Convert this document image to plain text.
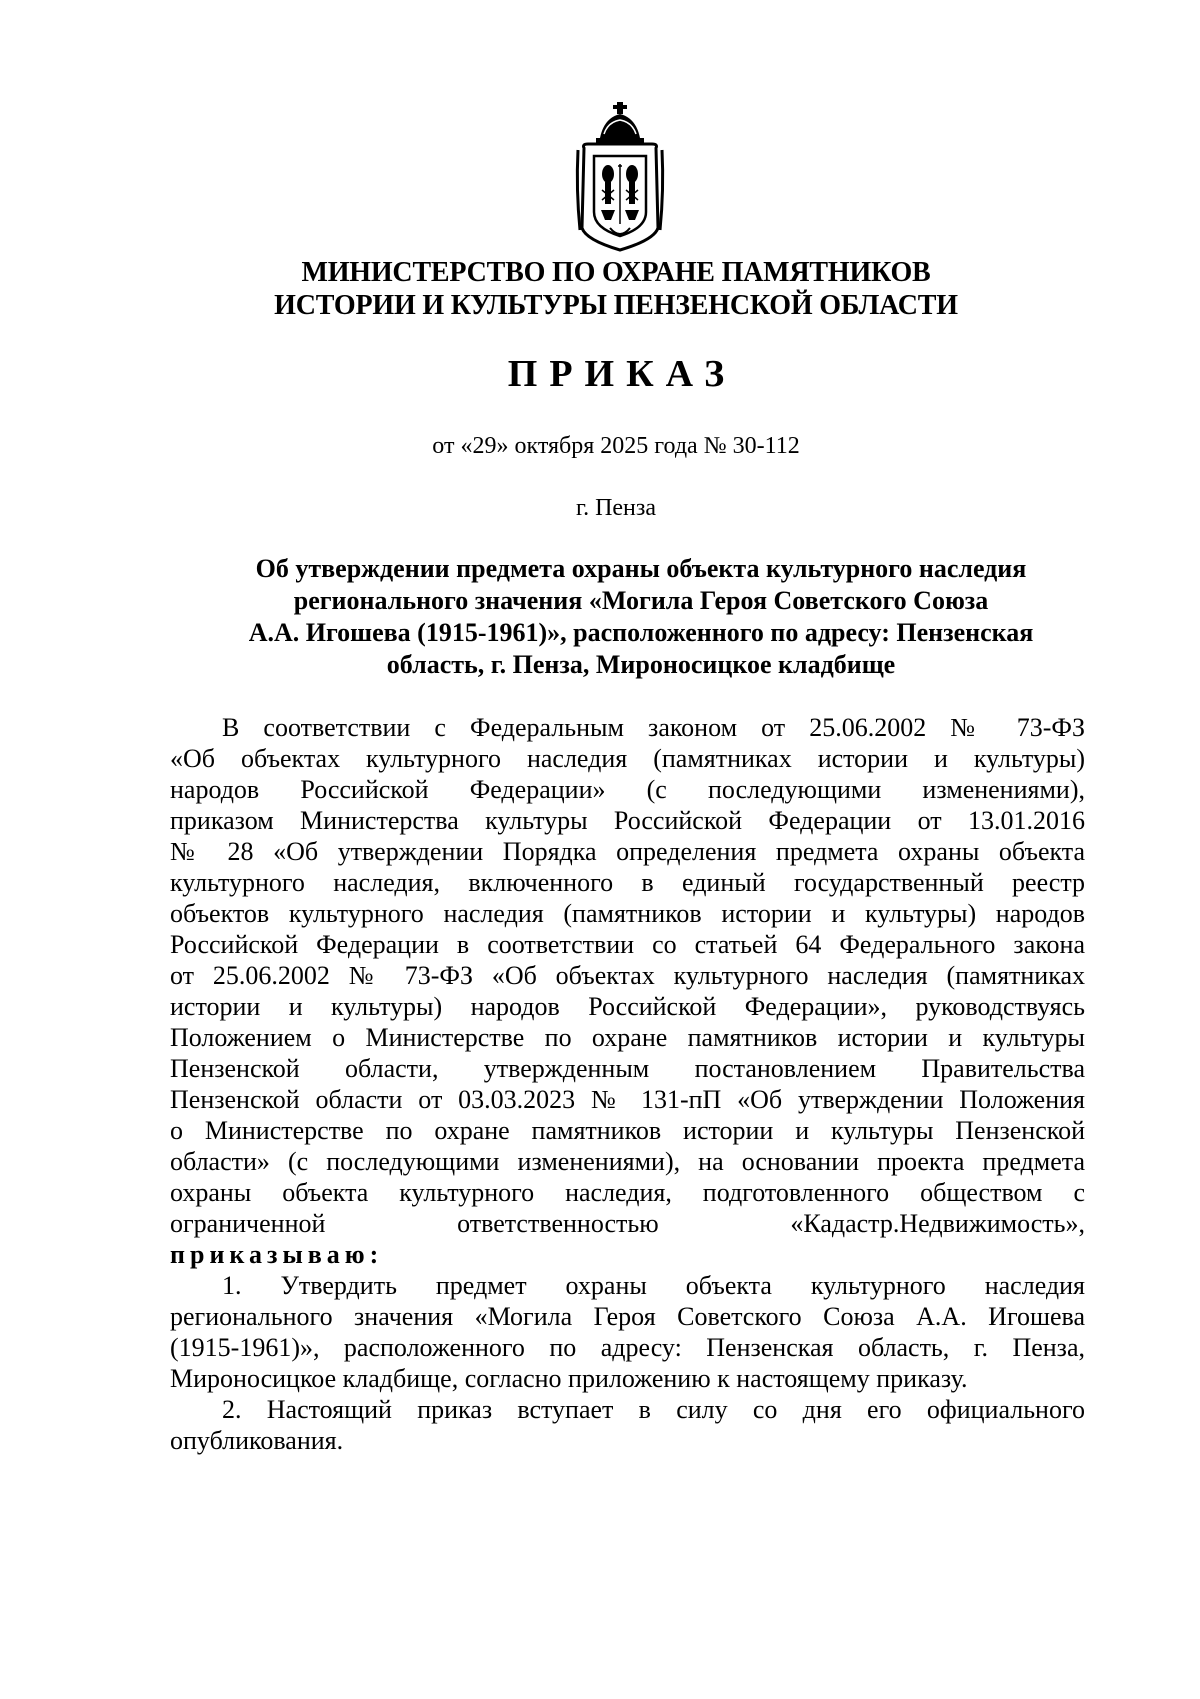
МИНИСТЕРСТВО ПО ОХРАНЕ ПАМЯТНИКОВ
ИСТОРИИ И КУЛЬТУРЫ ПЕНЗЕНСКОЙ ОБЛАСТИ
ПРИКАЗ
от «29» октября 2025 года № 30-112
г. Пенза
Об утверждении предмета охраны объекта культурного наследия
регионального значения «Могила Героя Советского Союза
А.А. Игошева (1915-1961)», расположенного по адресу: Пензенская
область, г. Пенза, Мироносицкое кладбище
В соответствии с Федеральным законом от 25.06.2002 № 73-ФЗ
«Об объектах культурного наследия (памятниках истории и культуры)
народов Российской Федерации» (с последующими изменениями),
приказом Министерства культуры Российской Федерации от 13.01.2016
№ 28 «Об утверждении Порядка определения предмета охраны объекта
культурного наследия, включенного в единый государственный реестр
объектов культурного наследия (памятников истории и культуры) народов
Российской Федерации в соответствии со статьей 64 Федерального закона
от 25.06.2002 № 73-ФЗ «Об объектах культурного наследия (памятниках
истории и культуры) народов Российской Федерации», руководствуясь
Положением о Министерстве по охране памятников истории и культуры
Пензенской области, утвержденным постановлением Правительства
Пензенской области от 03.03.2023 № 131-пП «Об утверждении Положения
о Министерстве по охране памятников истории и культуры Пензенской
области» (с последующими изменениями), на основании проекта предмета
охраны объекта культурного наследия, подготовленного обществом с
ограниченной ответственностью «Кадастр.Недвижимость»,
приказываю:
1. Утвердить предмет охраны объекта культурного наследия
регионального значения «Могила Героя Советского Союза А.А. Игошева
(1915-1961)», расположенного по адресу: Пензенская область, г. Пенза,
Мироносицкое кладбище, согласно приложению к настоящему приказу.
2. Настоящий приказ вступает в силу со дня его официального
опубликования.
